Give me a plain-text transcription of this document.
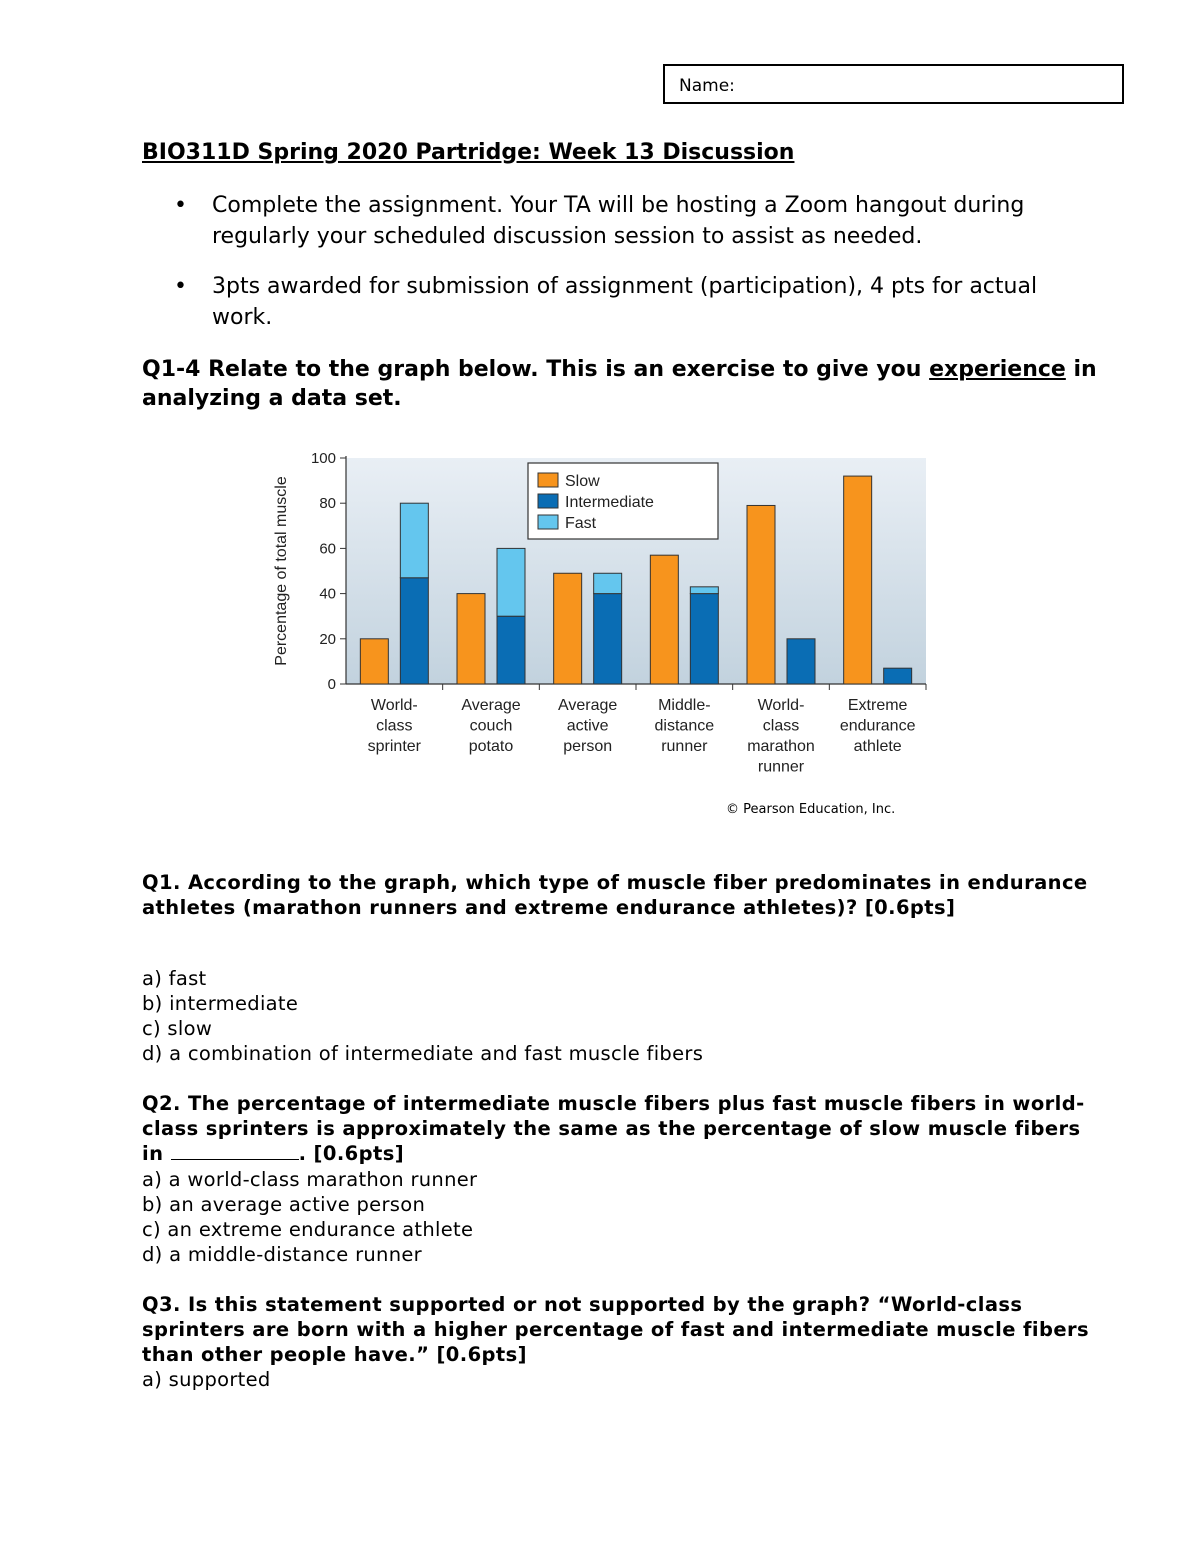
Name:
BIO311D Spring 2020 Partridge: Week 13 Discussion
• Complete the assignment. Your TA will be hosting a Zoom hangout during regularly your scheduled discussion session to assist as needed.
• 3pts awarded for submission of assignment (participation), 4 pts for actual work.
Q1-4 Relate to the graph below. This is an exercise to give you experience in analyzing a data set.
0
20
40
60
80
100
Percentage of total muscle
World-
class
sprinter
Average
couch
potato
Average
active
person
Middle-
distance
runner
World-
class
marathon
runner
Extreme
endurance
athlete
Slow
Intermediate
Fast
© Pearson Education, Inc.
Q1. According to the graph, which type of muscle fiber predominates in endurance athletes (marathon runners and extreme endurance athletes)? [0.6pts]
a) fast
b) intermediate
c) slow
d) a combination of intermediate and fast muscle fibers
Q2. The percentage of intermediate muscle fibers plus fast muscle fibers in world-class sprinters is approximately the same as the percentage of slow muscle fibers in	. [0.6pts]
a) a world-class marathon runner
b) an average active person
c) an extreme endurance athlete
d) a middle-distance runner
Q3. Is this statement supported or not supported by the graph? “World-class sprinters are born with a higher percentage of fast and intermediate muscle fibers than other people have.” [0.6pts]
a) supported
